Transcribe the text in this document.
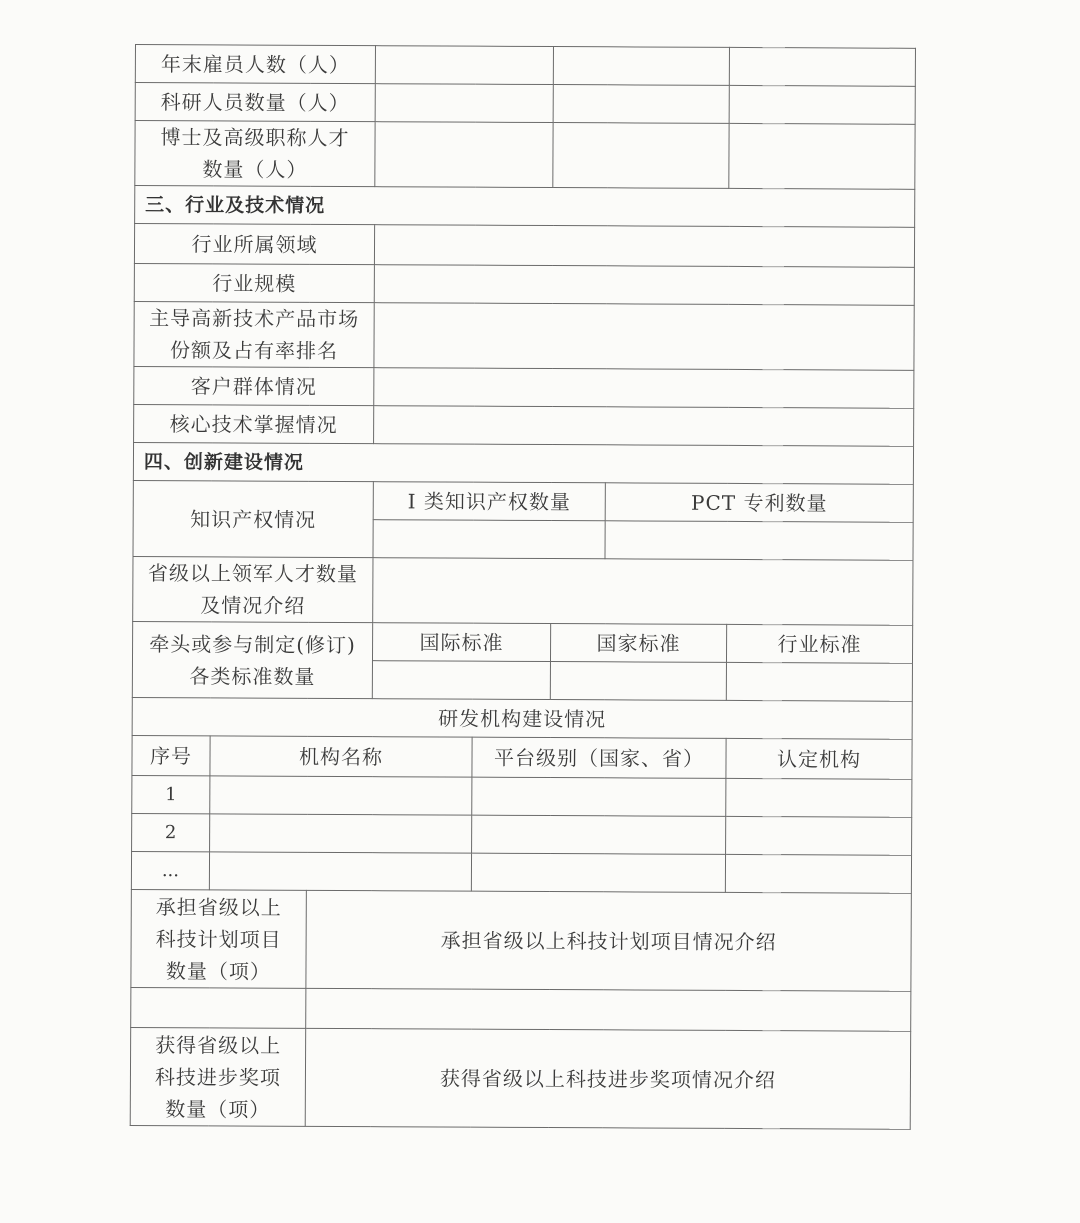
年末雇员人数（人）							
科研人员数量（人）							

博士及高级职称人才
数量（人）							

三、行业及技术情况							
行业所属领域							
行业规模							

主导高新技术产品市场
份额及占有率排名							

客户群体情况							
核心技术掌握情况							
四、创新建设情况							
知识产权情况			I 类知识产权数量			PCT 专利数量	

省级以上领军人才数量
及情况介绍							

牵头或参与制定(修订)
各类标准数量			国际标准		国家标准		行业标准

研发机构建设情况							
序号	机构名称			平台级别（国家、省）			认定机构
1							
2							
...							

承担省级以上
科技计划项目
数量（项）		承担省级以上科技计划项目情况介绍					

获得省级以上
科技进步奖项
数量（项）		获得省级以上科技进步奖项情况介绍					
